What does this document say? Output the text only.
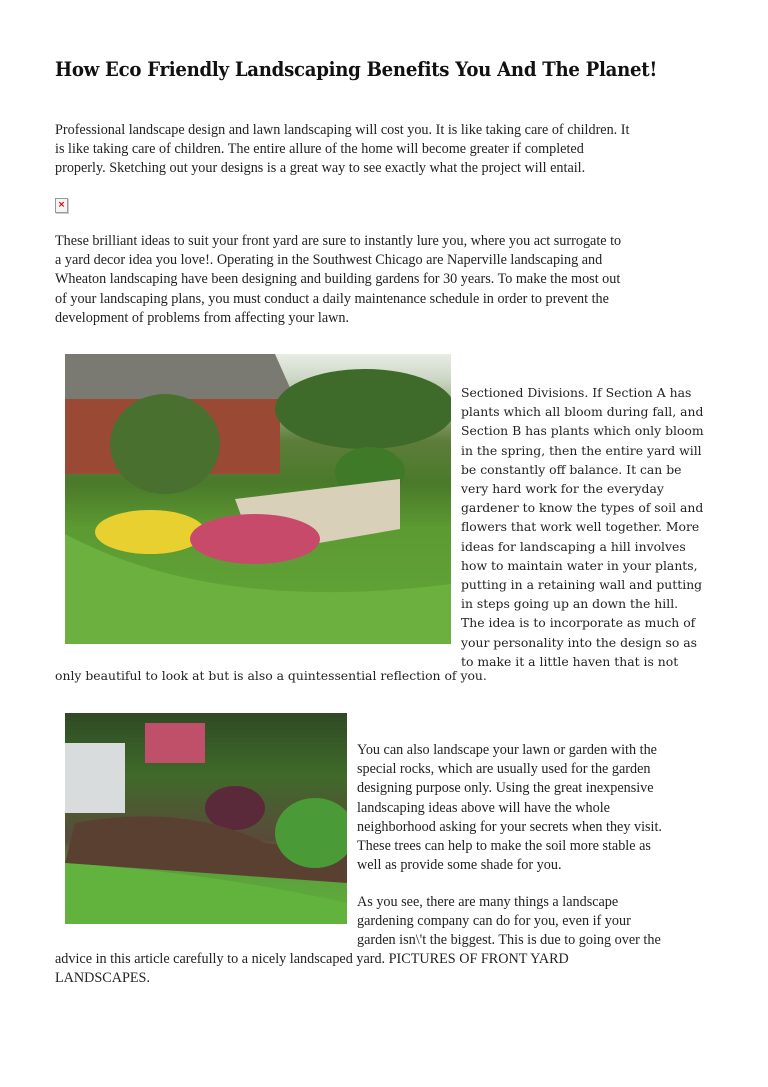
How Eco Friendly Landscaping Benefits You And The Planet!
Professional landscape design and lawn landscaping will cost you. It is like taking care of children. It
is like taking care of children. The entire allure of the home will become greater if completed
properly. Sketching out your designs is a great way to see exactly what the project will entail.
×
These brilliant ideas to suit your front yard are sure to instantly lure you, where you act surrogate to
a yard decor idea you love!. Operating in the Southwest Chicago are Naperville landscaping and
Wheaton landscaping have been designing and building gardens for 30 years. To make the most out
of your landscaping plans, you must conduct a daily maintenance schedule in order to prevent the
development of problems from affecting your lawn.
Sectioned Divisions. If Section A has
plants which all bloom during fall, and
Section B has plants which only bloom
in the spring, then the entire yard will
be constantly off balance. It can be
very hard work for the everyday
gardener to know the types of soil and
flowers that work well together. More
ideas for landscaping a hill involves
how to maintain water in your plants,
putting in a retaining wall and putting
in steps going up an down the hill.
The idea is to incorporate as much of
your personality into the design so as
to make it a little haven that is not
only beautiful to look at but is also a quintessential reflection of you.
You can also landscape your lawn or garden with the
special rocks, which are usually used for the garden
designing purpose only. Using the great inexpensive
landscaping ideas above will have the whole
neighborhood asking for your secrets when they visit.
These trees can help to make the soil more stable as
well as provide some shade for you.
As you see, there are many things a landscape
gardening company can do for you, even if your
garden isn\'t the biggest. This is due to going over the
advice in this article carefully to a nicely landscaped yard. PICTURES OF FRONT YARD
LANDSCAPES.
